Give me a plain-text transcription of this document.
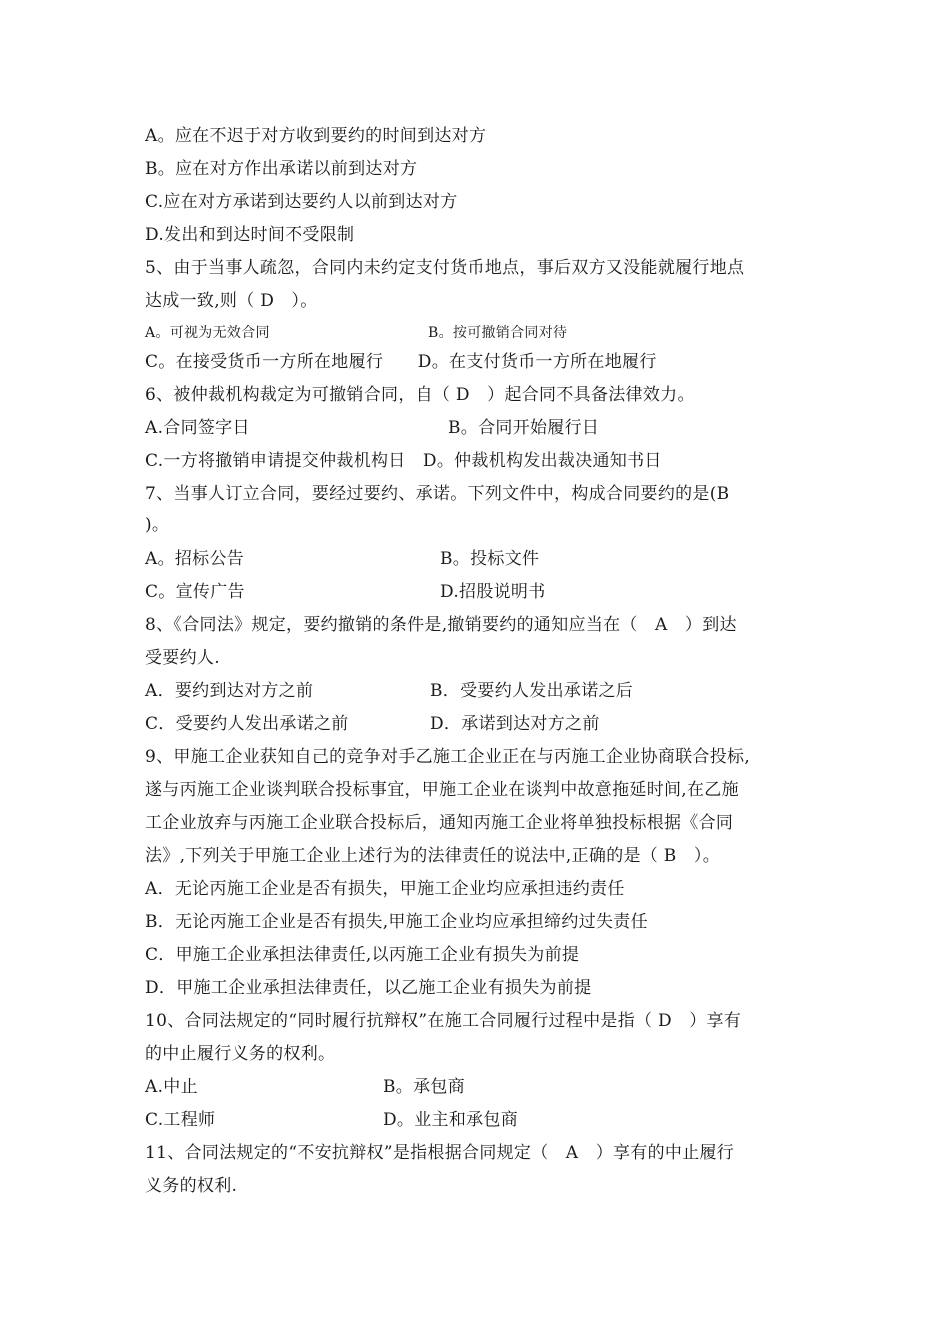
A。应在不迟于对方收到要约的时间到达对方
B。应在对方作出承诺以前到达对方
C.应在对方承诺到达要约人以前到达对方
D.发出和到达时间不受限制
5、由于当事人疏忽，合同内未约定支付货币地点，事后双方又没能就履行地点
达成一致,则（ D　）。
A。可视为无效合同	B。按可撤销合同对待
C。在接受货币一方所在地履行　　D。在支付货币一方所在地履行
6、被仲裁机构裁定为可撤销合同，自（ D　）起合同不具备法律效力。
A.合同签字日	B。合同开始履行日
C.一方将撤销申请提交仲裁机构日　D。仲裁机构发出裁决通知书日
7、当事人订立合同，要经过要约、承诺。下列文件中，构成合同要约的是(B
)。
A。招标公告	B。投标文件
C。宣传广告	D.招股说明书
8、《合同法》规定，要约撤销的条件是,撤销要约的通知应当在（　A　）到达
受要约人.
A．要约到达对方之前	B．受要约人发出承诺之后
C．受要约人发出承诺之前	D．承诺到达对方之前
9、甲施工企业获知自己的竞争对手乙施工企业正在与丙施工企业协商联合投标,
遂与丙施工企业谈判联合投标事宜，甲施工企业在谈判中故意拖延时间,在乙施
工企业放弃与丙施工企业联合投标后，通知丙施工企业将单独投标根据《合同
法》,下列关于甲施工企业上述行为的法律责任的说法中,正确的是（ B　）。
A．无论丙施工企业是否有损失，甲施工企业均应承担违约责任
B．无论丙施工企业是否有损失,甲施工企业均应承担缔约过失责任
C．甲施工企业承担法律责任,以丙施工企业有损失为前提
D．甲施工企业承担法律责任，以乙施工企业有损失为前提
10、合同法规定的“同时履行抗辩权”在施工合同履行过程中是指（ D　）享有
的中止履行义务的权利。
A.中止	B。承包商
C.工程师	D。业主和承包商
11、合同法规定的“不安抗辩权”是指根据合同规定（　A　）享有的中止履行
义务的权利.
